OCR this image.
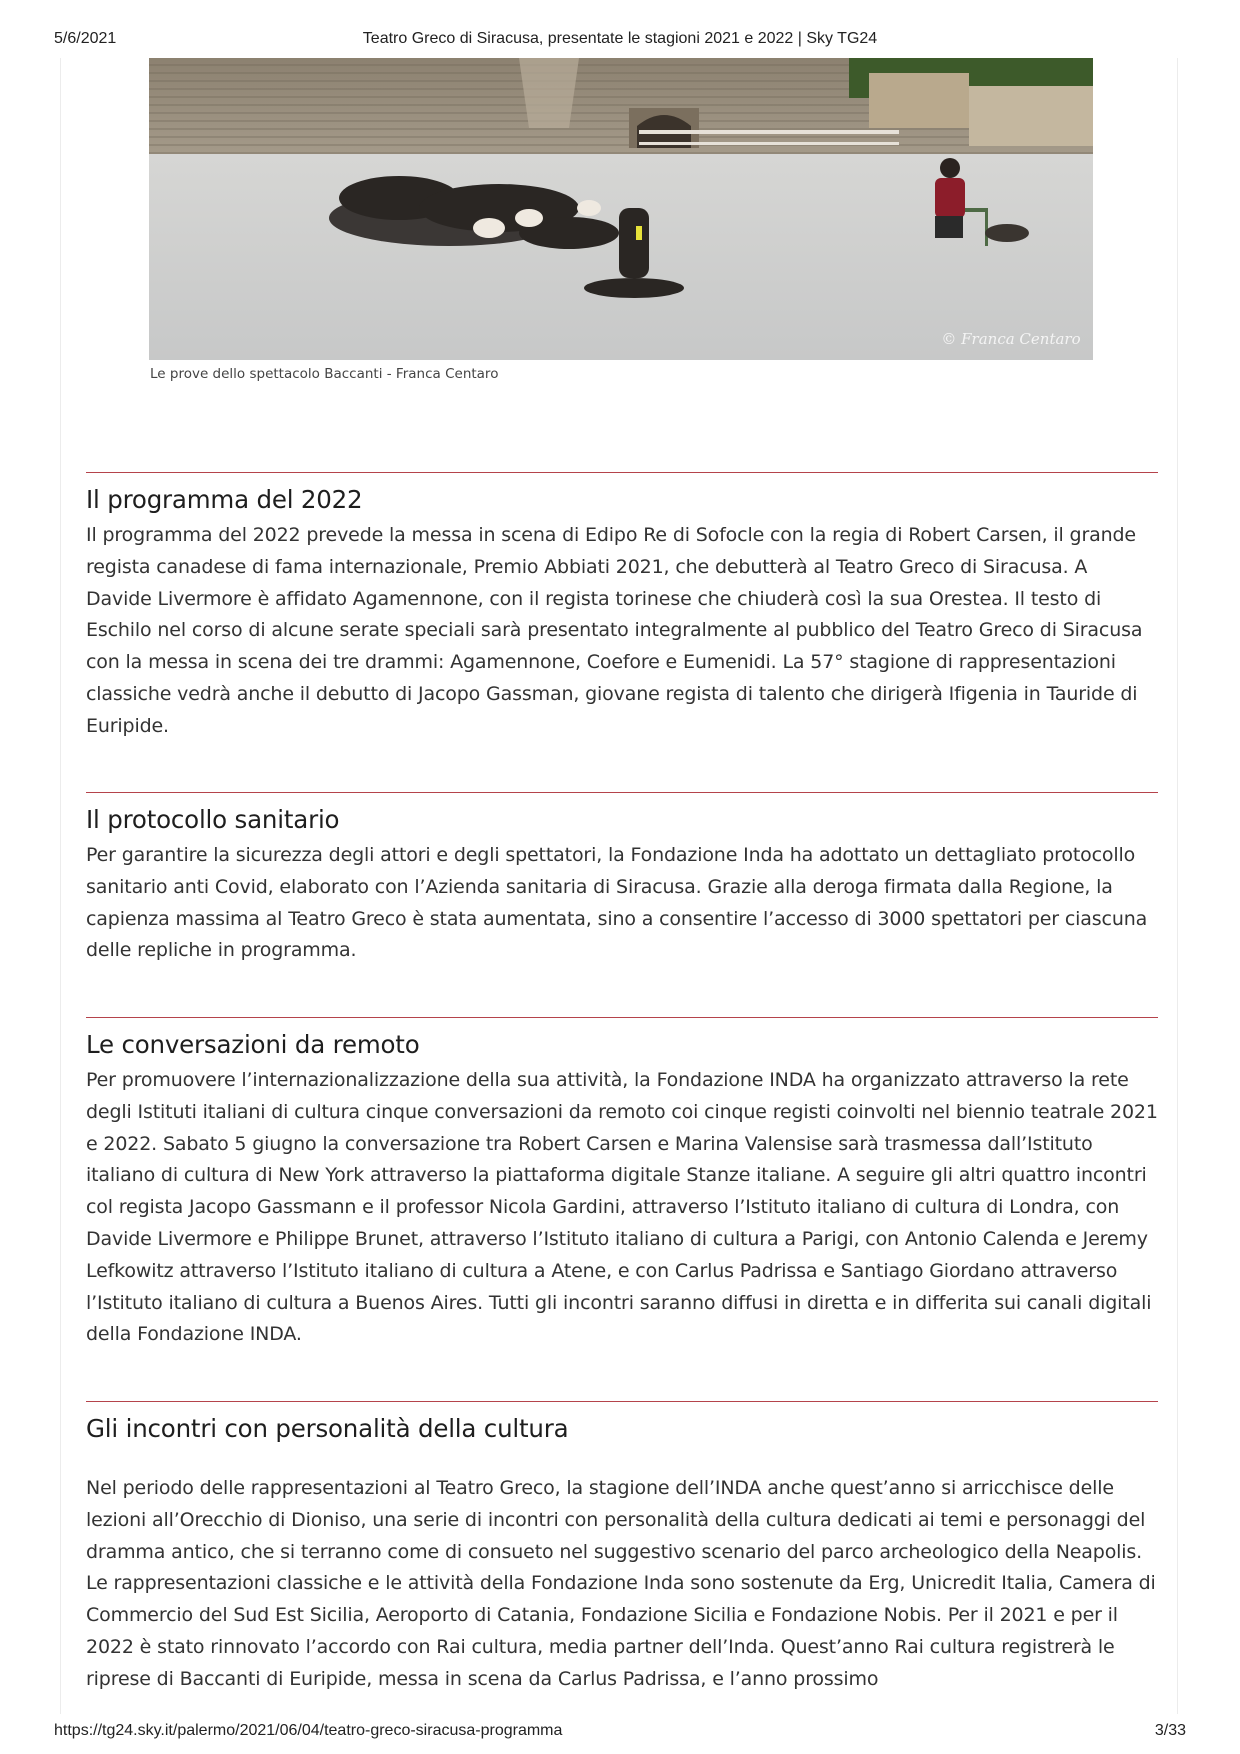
5/6/2021	Teatro Greco di Siracusa, presentate le stagioni 2021 e 2022 | Sky TG24
© Franca Centaro
Le prove dello spettacolo Baccanti - Franca Centaro
Il programma del 2022

Il programma del 2022 prevede la messa in scena di Edipo Re di Sofocle con la regia di Robert Carsen, il grande regista canadese di fama internazionale, Premio Abbiati 2021, che debutterà al Teatro Greco di Siracusa. A Davide Livermore è affidato Agamennone, con il regista torinese che chiuderà così la sua Orestea. Il testo di Eschilo nel corso di alcune serate speciali sarà presentato integralmente al pubblico del Teatro Greco di Siracusa con la messa in scena dei tre drammi: Agamennone, Coefore e Eumenidi. La 57° stagione di rappresentazioni classiche vedrà anche il debutto di Jacopo Gassman, giovane regista di talento che dirigerà Ifigenia in Tauride di Euripide.

Il protocollo sanitario

Per garantire la sicurezza degli attori e degli spettatori, la Fondazione Inda ha adottato un dettagliato protocollo sanitario anti Covid, elaborato con l’Azienda sanitaria di Siracusa. Grazie alla deroga firmata dalla Regione, la capienza massima al Teatro Greco è stata aumentata, sino a consentire l’accesso di 3000 spettatori per ciascuna delle repliche in programma.

Le conversazioni da remoto

Per promuovere l’internazionalizzazione della sua attività, la Fondazione INDA ha organizzato attraverso la rete degli Istituti italiani di cultura cinque conversazioni da remoto coi cinque registi coinvolti nel biennio teatrale 2021 e 2022. Sabato 5 giugno la conversazione tra Robert Carsen e Marina Valensise sarà trasmessa dall’Istituto italiano di cultura di New York attraverso la piattaforma digitale Stanze italiane. A seguire gli altri quattro incontri col regista Jacopo Gassmann e il professor Nicola Gardini, attraverso l’Istituto italiano di cultura di Londra, con Davide Livermore e Philippe Brunet, attraverso l’Istituto italiano di cultura a Parigi, con Antonio Calenda e Jeremy Lefkowitz attraverso l’Istituto italiano di cultura a Atene, e con Carlus Padrissa e Santiago Giordano attraverso l’Istituto italiano di cultura a Buenos Aires. Tutti gli incontri saranno diffusi in diretta e in differita sui canali digitali della Fondazione INDA.

Gli incontri con personalità della cultura

Nel periodo delle rappresentazioni al Teatro Greco, la stagione dell’INDA anche quest’anno si arricchisce delle lezioni all’Orecchio di Dioniso, una serie di incontri con personalità della cultura dedicati ai temi e personaggi del dramma antico, che si terranno come di consueto nel suggestivo scenario del parco archeologico della Neapolis. Le rappresentazioni classiche e le attività della Fondazione Inda sono sostenute da Erg, Unicredit Italia, Camera di Commercio del Sud Est Sicilia, Aeroporto di Catania, Fondazione Sicilia e Fondazione Nobis. Per il 2021 e per il 2022 è stato rinnovato l’accordo con Rai cultura, media partner dell’Inda. Quest’anno Rai cultura registrerà le riprese di Baccanti di Euripide, messa in scena da Carlus Padrissa, e l’anno prossimo

https://tg24.sky.it/palermo/2021/06/04/teatro-greco-siracusa-programma	3/33
